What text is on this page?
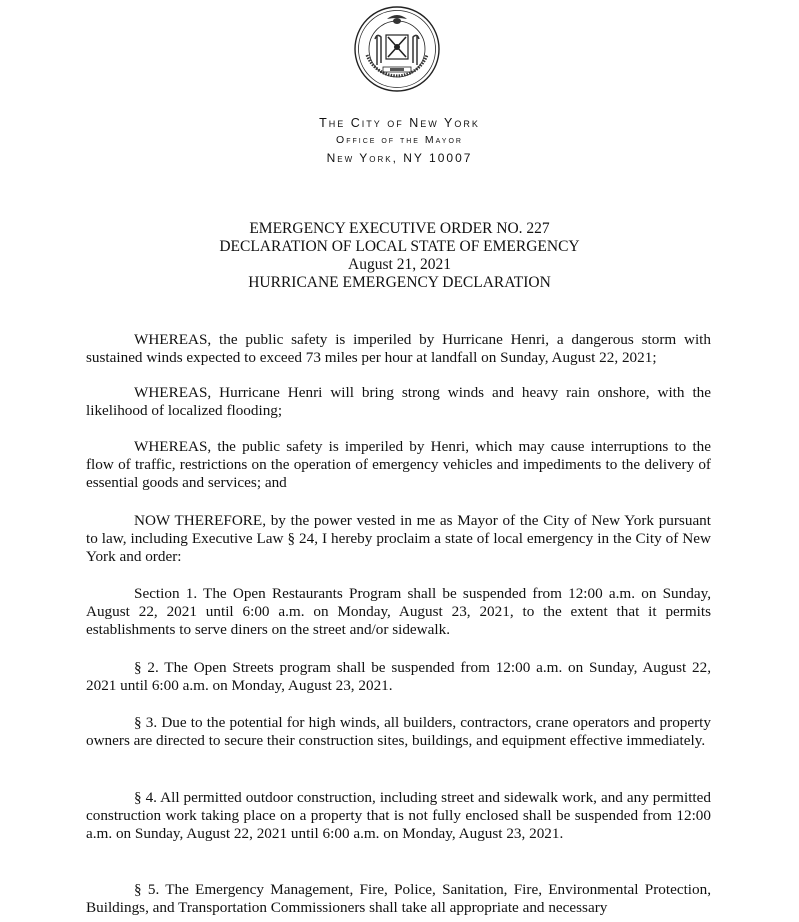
The City of New York
Office of the Mayor
New York, NY 10007
EMERGENCY EXECUTIVE ORDER NO. 227
DECLARATION OF LOCAL STATE OF EMERGENCY
August 21, 2021
HURRICANE EMERGENCY DECLARATION
WHEREAS, the public safety is imperiled by Hurricane Henri, a dangerous storm with sustained winds expected to exceed 73 miles per hour at landfall on Sunday, August 22, 2021;
WHEREAS, Hurricane Henri will bring strong winds and heavy rain onshore, with the likelihood of localized flooding;
WHEREAS, the public safety is imperiled by Henri, which may cause interruptions to the flow of traffic, restrictions on the operation of emergency vehicles and impediments to the delivery of essential goods and services; and
NOW THEREFORE, by the power vested in me as Mayor of the City of New York pursuant to law, including Executive Law § 24, I hereby proclaim a state of local emergency in the City of New York and order:
Section 1. The Open Restaurants Program shall be suspended from 12:00 a.m. on Sunday, August 22, 2021 until 6:00 a.m. on Monday, August 23, 2021, to the extent that it permits establishments to serve diners on the street and/or sidewalk.
§ 2. The Open Streets program shall be suspended from 12:00 a.m. on Sunday, August 22, 2021 until 6:00 a.m. on Monday, August 23, 2021.
§ 3. Due to the potential for high winds, all builders, contractors, crane operators and property owners are directed to secure their construction sites, buildings, and equipment effective immediately.
§ 4. All permitted outdoor construction, including street and sidewalk work, and any permitted construction work taking place on a property that is not fully enclosed shall be suspended from 12:00 a.m. on Sunday, August 22, 2021 until 6:00 a.m. on Monday, August 23, 2021.
§ 5. The Emergency Management, Fire, Police, Sanitation, Fire, Environmental Protection, Buildings, and Transportation Commissioners shall take all appropriate and necessary
